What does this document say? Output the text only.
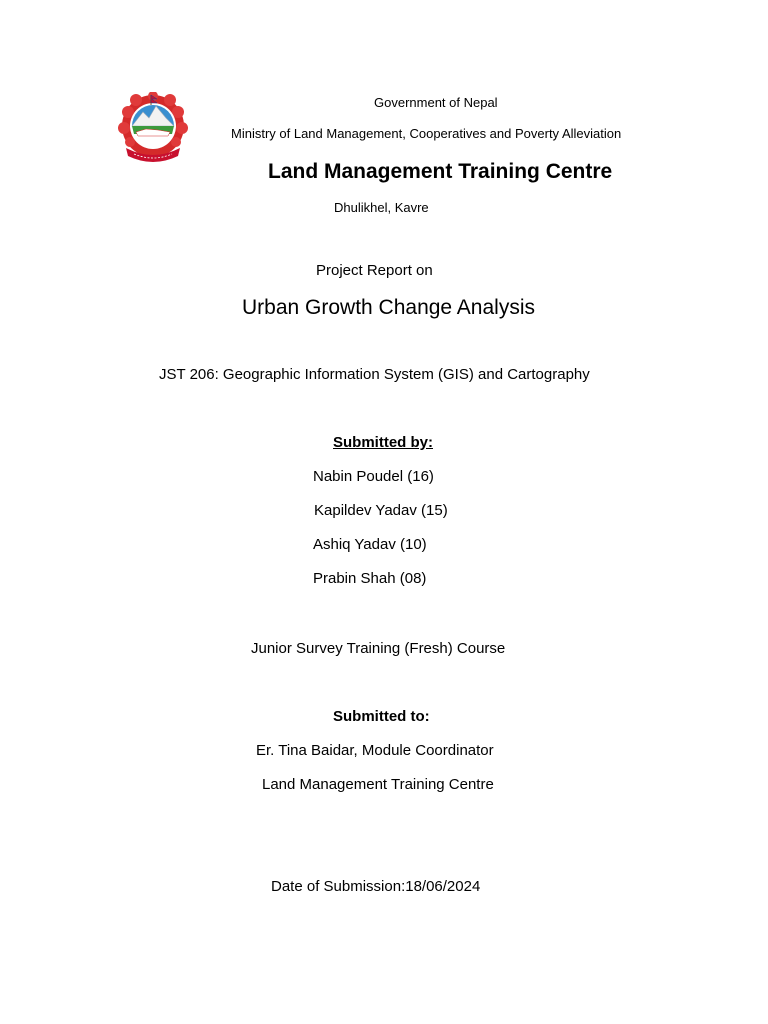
Government of Nepal
Ministry of Land Management, Cooperatives and Poverty Alleviation
Land Management Training Centre
Dhulikhel, Kavre
Project Report on
Urban Growth Change Analysis
JST 206: Geographic Information System (GIS) and Cartography
Submitted by:
Nabin Poudel (16)
Kapildev Yadav (15)
Ashiq Yadav (10)
Prabin Shah (08)
Junior Survey Training (Fresh) Course
Submitted to:
Er. Tina Baidar, Module Coordinator
Land Management Training Centre
Date of Submission:18/06/2024
